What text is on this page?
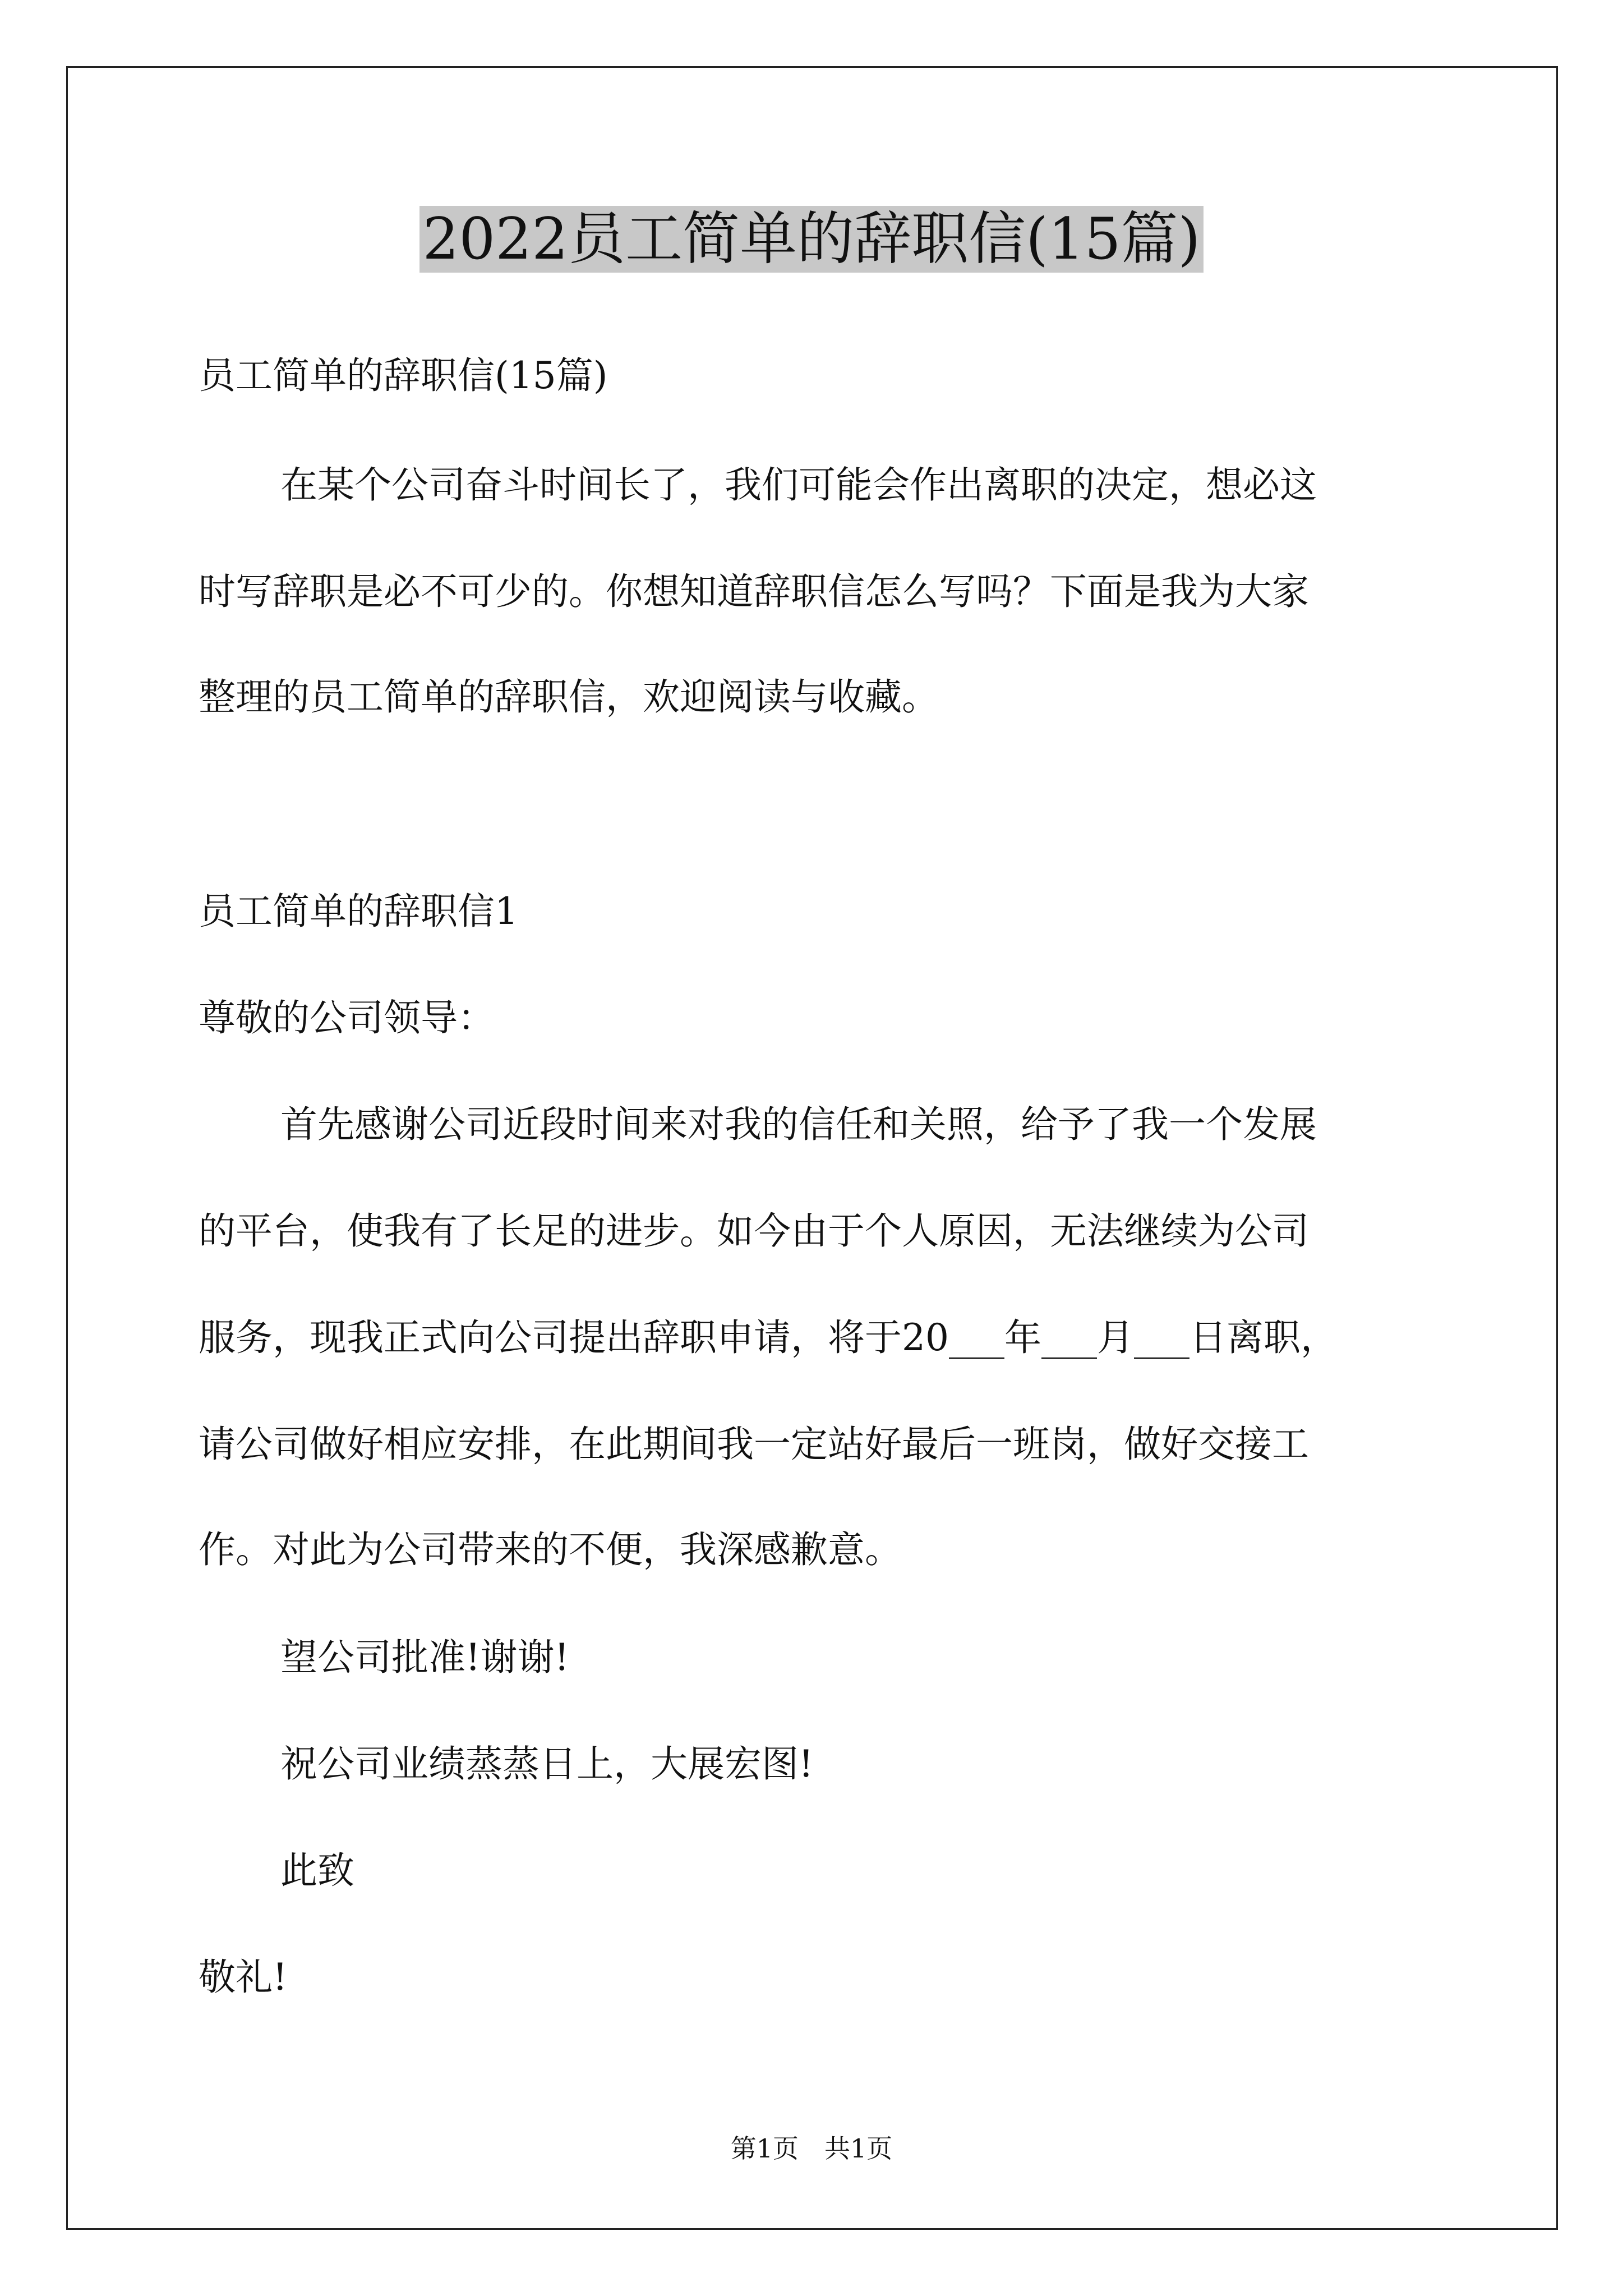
2022员工简单的辞职信(15篇)

员工简单的辞职信(15篇)

在某个公司奋斗时间长了，我们可能会作出离职的决定，想必这

时写辞职是必不可少的。你想知道辞职信怎么写吗？下面是我为大家

整理的员工简单的辞职信，欢迎阅读与收藏。

员工简单的辞职信1

尊敬的公司领导：

首先感谢公司近段时间来对我的信任和关照，给予了我一个发展

的平台，使我有了长足的进步。如今由于个人原因，无法继续为公司

服务，现我正式向公司提出辞职申请，将于20___年___月___日离职，

请公司做好相应安排，在此期间我一定站好最后一班岗，做好交接工

作。对此为公司带来的不便，我深感歉意。

望公司批准!谢谢!

祝公司业绩蒸蒸日上，大展宏图!

此致

敬礼!

第1页　共1页
